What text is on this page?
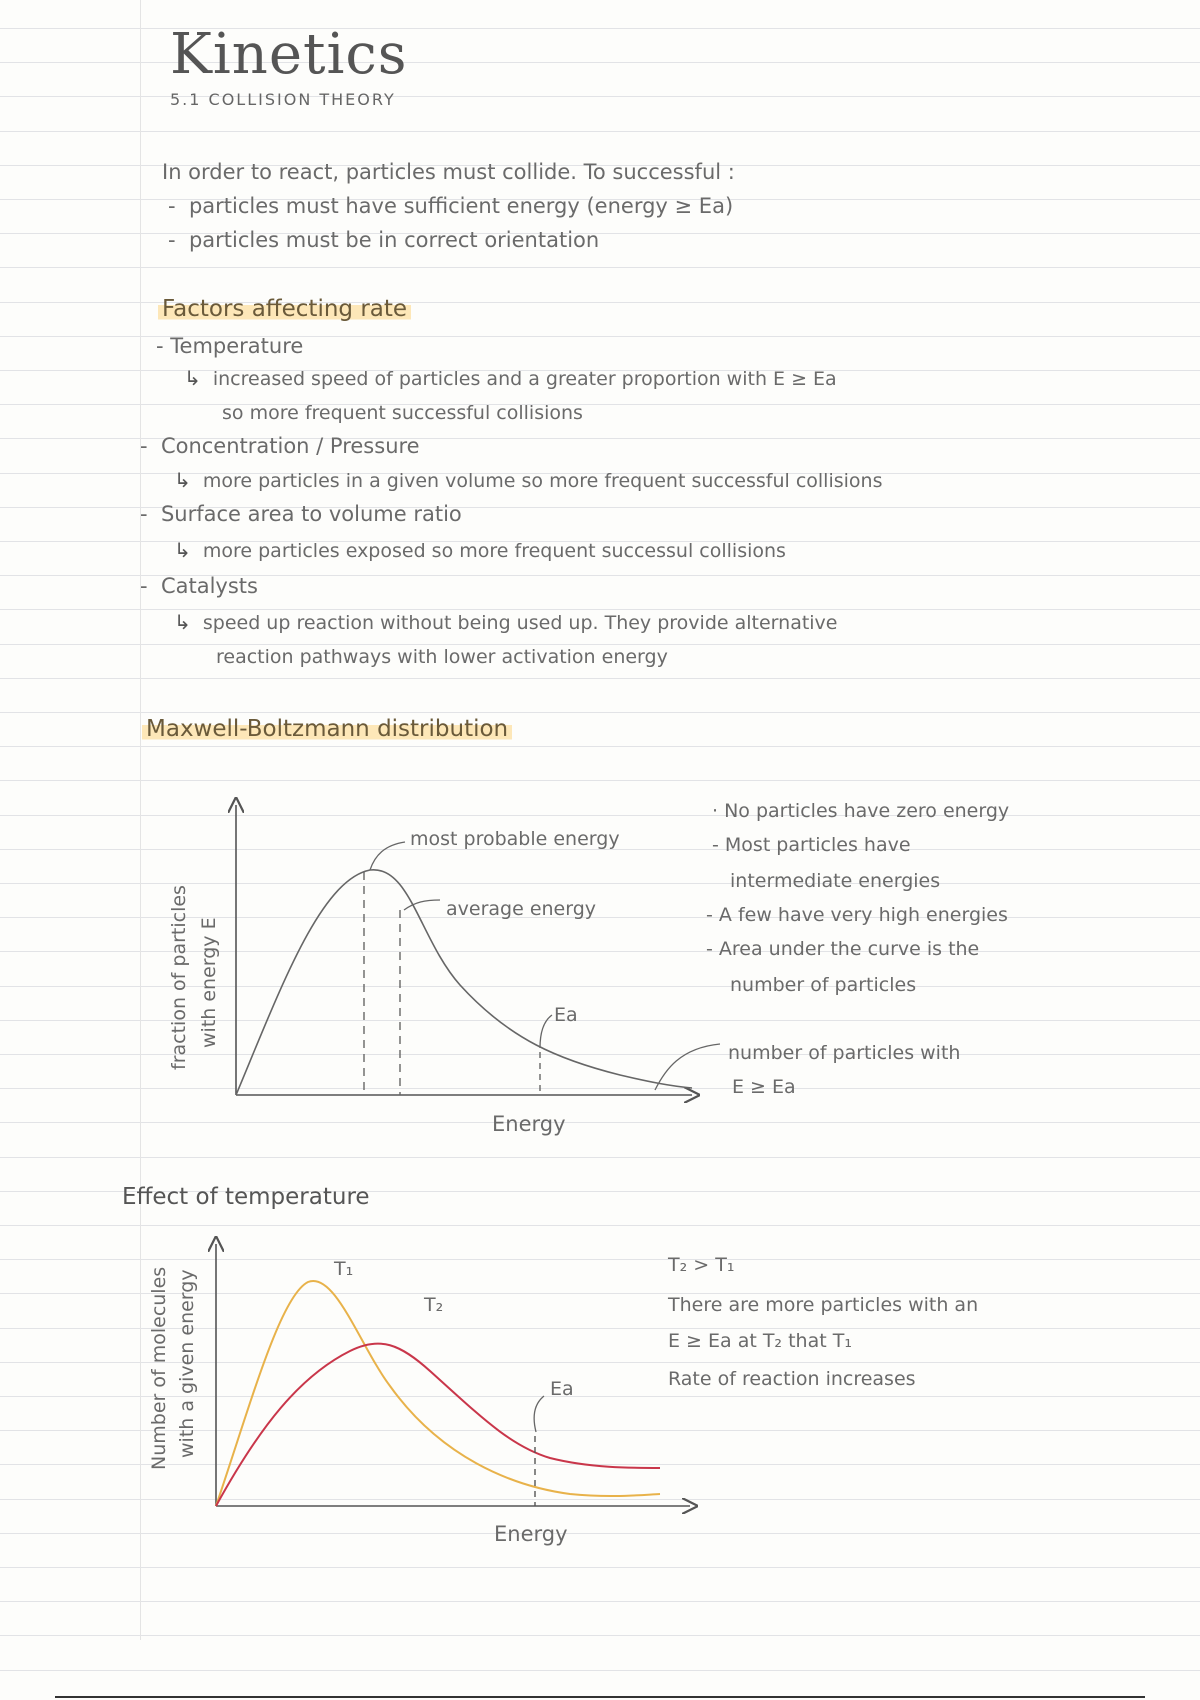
Kinetics
5.1 COLLISION THEORY
In order to react, particles must collide. To successful :
-  particles must have sufficient energy (energy ≥ Ea)
-  particles must be in correct orientation
Factors affecting rate
- Temperature
↳ increased speed of particles and a greater proportion with E ≥ Ea
so more frequent successful collisions
-  Concentration / Pressure
↳ more particles in a given volume so more frequent successful collisions
-  Surface area to volume ratio
↳ more particles exposed so more frequent successul collisions
-  Catalysts
↳ speed up reaction without being used up. They provide alternative
reaction pathways with lower activation energy
Maxwell-Boltzmann distribution
most probable energy
average energy
Ea
number of particles with
E ≥ Ea
Energy
fraction of particles with energy E
· No particles have zero energy
- Most particles have
intermediate energies
- A few have very high energies
- Area under the curve is the
number of particles
Effect of temperature
T₁
T₂
Ea
Energy
Number of molecules with a given energy
T₂ > T₁
There are more particles with an
E ≥ Ea at T₂ that T₁
Rate of reaction increases
